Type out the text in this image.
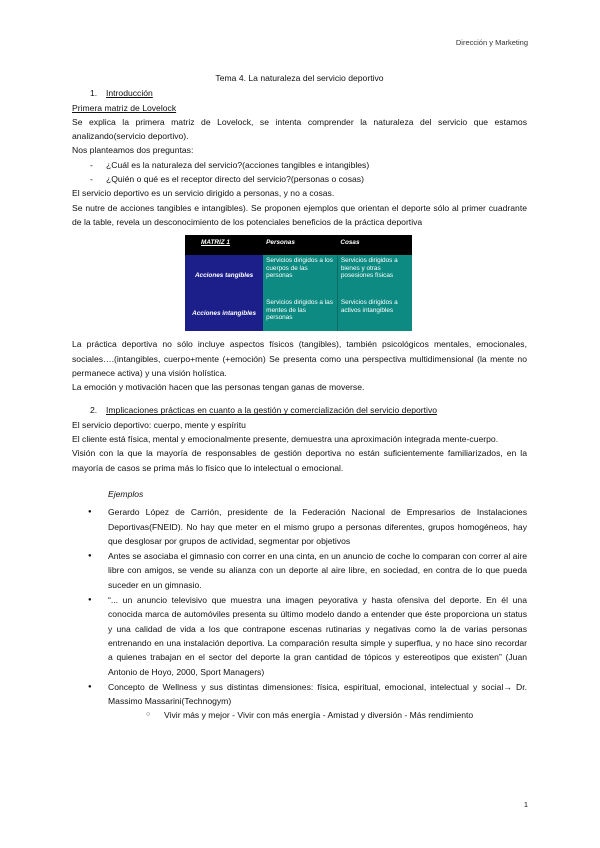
Dirección y Marketing
Tema 4. La naturaleza del servicio deportivo
1. Introducción

Primera matriz de Lovelock

Se explica la primera matriz de Lovelock, se intenta comprender la naturaleza del servicio que estamos analizando(servicio deportivo).

Nos planteamos dos preguntas:

- ¿Cuál es la naturaleza del servicio?(acciones tangibles e intangibles)
- ¿Quién o qué es el receptor directo del servicio?(personas o cosas)

El servicio deportivo es un servicio dirigido a personas, y no a cosas.

Se nutre de acciones tangibles e intangibles). Se proponen ejemplos que orientan el deporte sólo al primer cuadrante de la table, revela un desconocimiento de los potenciales beneficios de la práctica deportiva

MATRIZ 1	Personas	Cosas
Acciones tangibles	Servicios dirigidos a los cuerpos de las personas	Servicios dirigidos a bienes y otras posesiones físicas
Acciones intangibles	Servicios dirigidos a las mentes de las personas	Servicios dirigidos a activos intangibles

La práctica deportiva no sólo incluye aspectos físicos (tangibles), también psicológicos mentales, emocionales, sociales….(intangibles, cuerpo+mente (+emoción) Se presenta como una perspectiva multidimensional (la mente no permanece activa) y una visión holística.

La emoción y motivación hacen que las personas tengan ganas de moverse.

2. Implicaciones prácticas en cuanto a la gestión y comercialización del servicio deportivo

El servicio deportivo: cuerpo, mente y espíritu

El cliente está física, mental y emocionalmente presente, demuestra una aproximación integrada mente-cuerpo.

Visión con la que la mayoría de responsables de gestión deportiva no están suficientemente familiarizados, en la mayoría de casos se prima más lo físico que lo intelectual o emocional.

Ejemplos
● Gerardo López de Carrión, presidente de la Federación Nacional de Empresarios de Instalaciones Deportivas(FNEID). No hay que meter en el mismo grupo a personas diferentes, grupos homogéneos, hay que desglosar por grupos de actividad, segmentar por objetivos
● Antes se asociaba el gimnasio con correr en una cinta, en un anuncio de coche lo comparan con correr al aire libre con amigos, se vende su alianza con un deporte al aire libre, en sociedad, en contra de lo que pueda suceder en un gimnasio.
● “... un anuncio televisivo que muestra una imagen peyorativa y hasta ofensiva del deporte. En él una conocida marca de automóviles presenta su último modelo dando a entender que éste proporciona un status y una calidad de vida a los que contrapone escenas rutinarias y negativas como la de varias personas entrenando en una instalación deportiva. La comparación resulta simple y superflua, y no hace sino recordar a quienes trabajan en el sector del deporte la gran cantidad de tópicos y estereotipos que existen” (Juan Antonio de Hoyo, 2000, Sport Managers)
● Concepto de Wellness y sus distintas dimensiones: física, espiritual, emocional, intelectual y social→ Dr. Massimo Massarini(Technogym)
○ Vivir más y mejor - Vivir con más energía - Amistad y diversión - Más rendimiento
1
